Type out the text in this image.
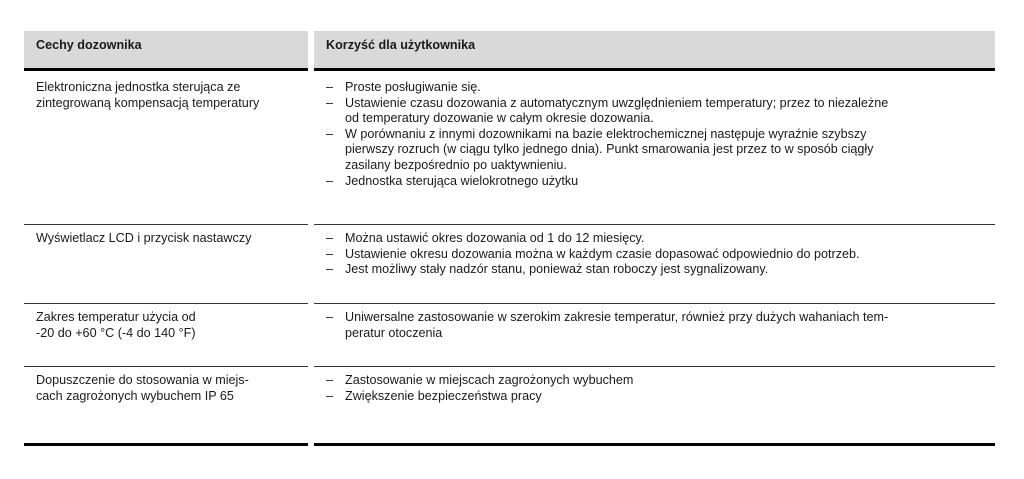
Cechy dozownika	Korzyść dla użytkownika
Elektroniczna jednostka sterująca ze
zintegrowaną kompensacją temperatury
Wyświetlacz LCD i przycisk nastawczy
Zakres temperatur użycia od
-20 do +60 °C (-4 do 140 °F)
Dopuszczenie do stosowania w miejs-
cach zagrożonych wybuchem IP 65
– Proste posługiwanie się.
– Ustawienie czasu dozowania z automatycznym uwzględnieniem temperatury; przez to niezależne
od temperatury dozowanie w całym okresie dozowania.
– W porównaniu z innymi dozownikami na bazie elektrochemicznej następuje wyraźnie szybszy
pierwszy rozruch (w ciągu tylko jednego dnia). Punkt smarowania jest przez to w sposób ciągły
zasilany bezpośrednio po uaktywnieniu.
– Jednostka sterująca wielokrotnego użytku
– Można ustawić okres dozowania od 1 do 12 miesięcy.
– Ustawienie okresu dozowania można w każdym czasie dopasować odpowiednio do potrzeb.
– Jest możliwy stały nadzór stanu, ponieważ stan roboczy jest sygnalizowany.
– Uniwersalne zastosowanie w szerokim zakresie temperatur, również przy dużych wahaniach tem-
peratur otoczenia
– Zastosowanie w miejscach zagrożonych wybuchem
– Zwiększenie bezpieczeństwa pracy
